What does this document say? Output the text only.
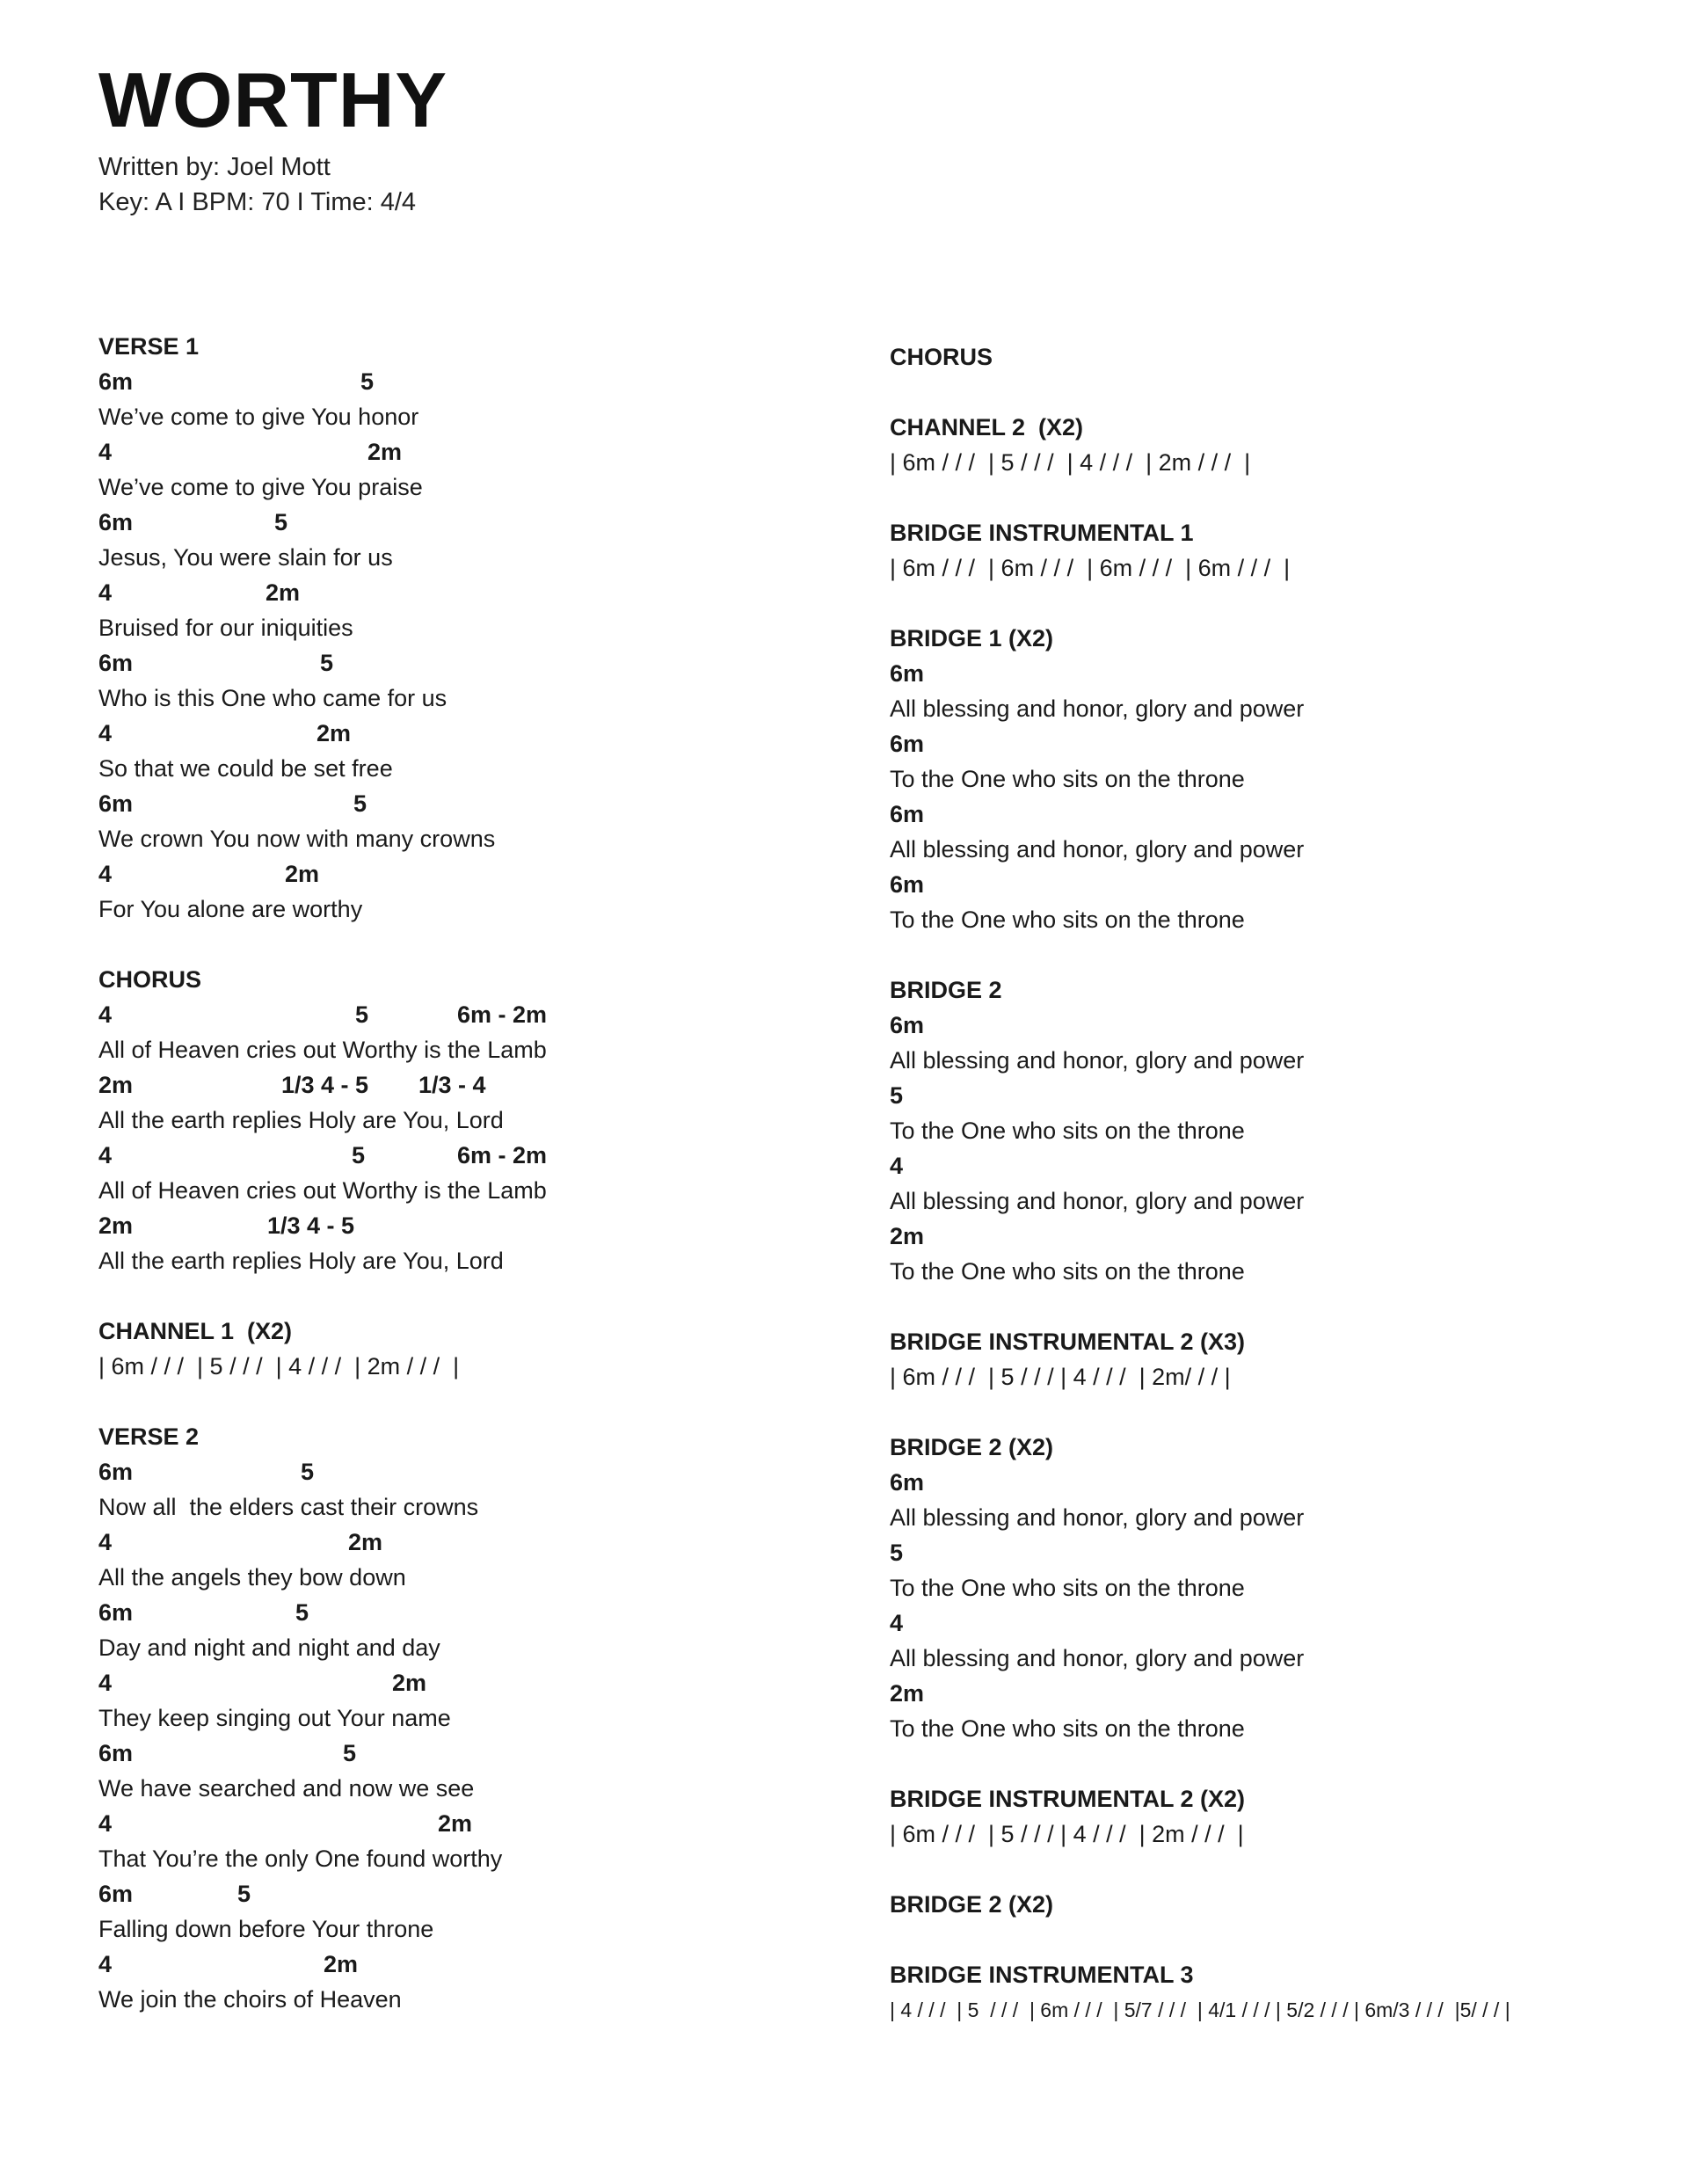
WORTHY
Written by: Joel Mott
Key: A I BPM: 70 I Time: 4/4
VERSE 1
6m	5
We’ve come to give You honor
4	2m
We’ve come to give You praise
6m	5
Jesus, You were slain for us
4	2m
Bruised for our iniquities
6m	5
Who is this One who came for us
4	2m
So that we could be set free
6m	5
We crown You now with many crowns
4	2m
For You alone are worthy
CHORUS
4	5	6m - 2m
All of Heaven cries out Worthy is the Lamb
2m	1/3 4 - 5 1/3 - 4
All the earth replies Holy are You, Lord
4	5	6m - 2m
All of Heaven cries out Worthy is the Lamb
2m	1/3 4 - 5
All the earth replies Holy are You, Lord
CHANNEL 1  (X2)
| 6m / / /  | 5 / / /  | 4 / / /  | 2m / / /  |
VERSE 2
6m	5
Now all  the elders cast their crowns
4	2m
All the angels they bow down
6m	5
Day and night and night and day
4	2m
They keep singing out Your name
6m	5
We have searched and now we see
4	2m
That You’re the only One found worthy
6m	5
Falling down before Your throne
4	2m
We join the choirs of Heaven
CHORUS
CHANNEL 2  (X2)
| 6m / / /  | 5 / / /  | 4 / / /  | 2m / / /  |
BRIDGE INSTRUMENTAL 1
| 6m / / /  | 6m / / /  | 6m / / /  | 6m / / /  |
BRIDGE 1 (X2)
6m
All blessing and honor, glory and power
6m
To the One who sits on the throne
6m
All blessing and honor, glory and power
6m
To the One who sits on the throne
BRIDGE 2
6m
All blessing and honor, glory and power
5
To the One who sits on the throne
4
All blessing and honor, glory and power
2m
To the One who sits on the throne
BRIDGE INSTRUMENTAL 2 (X3)
| 6m / / /  | 5 / / / | 4 / / /  | 2m/ / / |
BRIDGE 2 (X2)
6m
All blessing and honor, glory and power
5
To the One who sits on the throne
4
All blessing and honor, glory and power
2m
To the One who sits on the throne
BRIDGE INSTRUMENTAL 2 (X2)
| 6m / / /  | 5 / / / | 4 / / /  | 2m / / /  |
BRIDGE 2 (X2)
BRIDGE INSTRUMENTAL 3
| 4 / / /  | 5  / / /  | 6m / / /  | 5/7 / / /  | 4/1 / / / | 5/2 / / / | 6m/3 / / /  |5/ / / |
